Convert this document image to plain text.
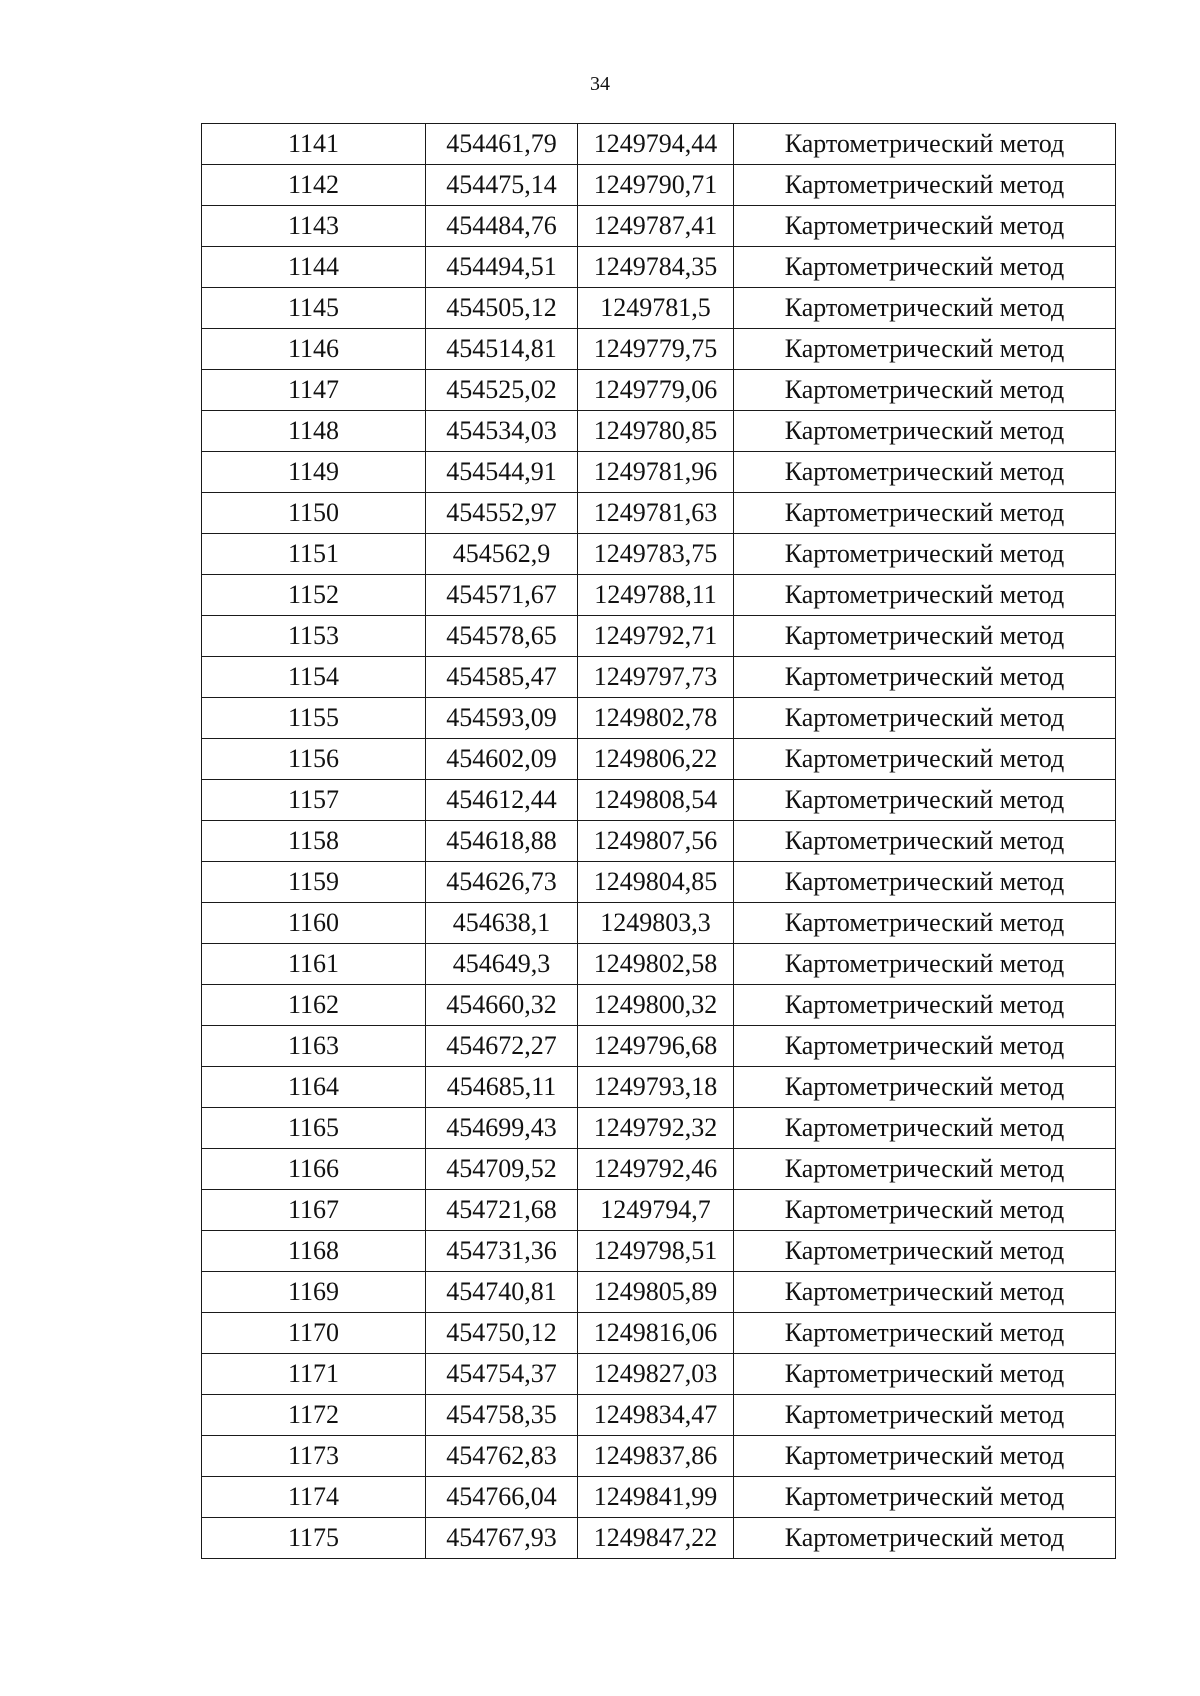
34
1141	454461,79	1249794,44	Картометрический метод
1142	454475,14	1249790,71	Картометрический метод
1143	454484,76	1249787,41	Картометрический метод
1144	454494,51	1249784,35	Картометрический метод
1145	454505,12	1249781,5	Картометрический метод
1146	454514,81	1249779,75	Картометрический метод
1147	454525,02	1249779,06	Картометрический метод
1148	454534,03	1249780,85	Картометрический метод
1149	454544,91	1249781,96	Картометрический метод
1150	454552,97	1249781,63	Картометрический метод
1151	454562,9	1249783,75	Картометрический метод
1152	454571,67	1249788,11	Картометрический метод
1153	454578,65	1249792,71	Картометрический метод
1154	454585,47	1249797,73	Картометрический метод
1155	454593,09	1249802,78	Картометрический метод
1156	454602,09	1249806,22	Картометрический метод
1157	454612,44	1249808,54	Картометрический метод
1158	454618,88	1249807,56	Картометрический метод
1159	454626,73	1249804,85	Картометрический метод
1160	454638,1	1249803,3	Картометрический метод
1161	454649,3	1249802,58	Картометрический метод
1162	454660,32	1249800,32	Картометрический метод
1163	454672,27	1249796,68	Картометрический метод
1164	454685,11	1249793,18	Картометрический метод
1165	454699,43	1249792,32	Картометрический метод
1166	454709,52	1249792,46	Картометрический метод
1167	454721,68	1249794,7	Картометрический метод
1168	454731,36	1249798,51	Картометрический метод
1169	454740,81	1249805,89	Картометрический метод
1170	454750,12	1249816,06	Картометрический метод
1171	454754,37	1249827,03	Картометрический метод
1172	454758,35	1249834,47	Картометрический метод
1173	454762,83	1249837,86	Картометрический метод
1174	454766,04	1249841,99	Картометрический метод
1175	454767,93	1249847,22	Картометрический метод
